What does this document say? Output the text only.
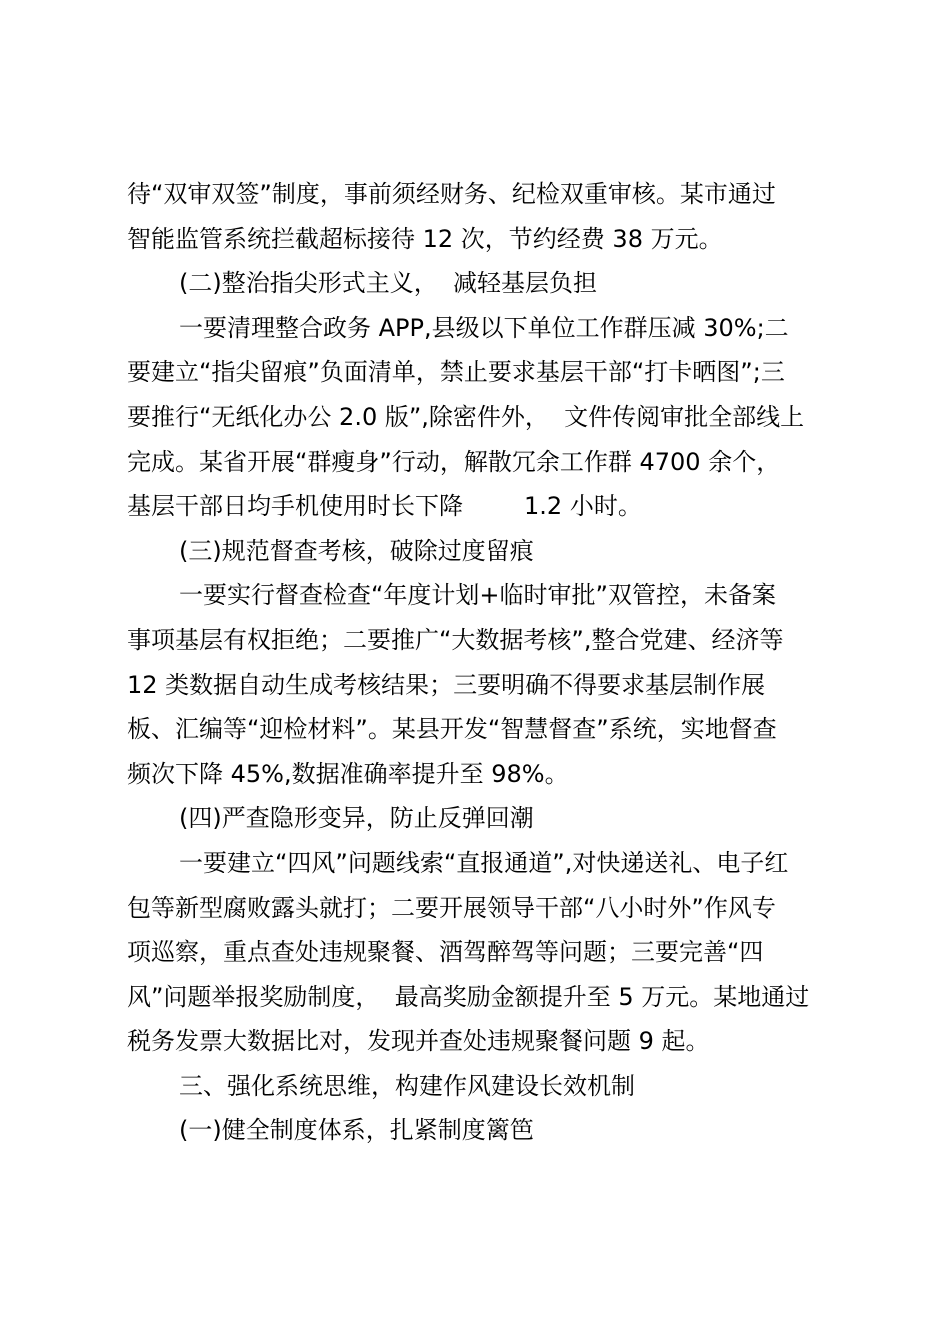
待“双审双签”制度，事前须经财务、纪检双重审核。某市通过
智能监管系统拦截超标接待 12 次，节约经费 38 万元。
(二)整治指尖形式主义，  减轻基层负担
一要清理整合政务 APP,县级以下单位工作群压减 30%;二
要建立“指尖留痕”负面清单，禁止要求基层干部“打卡晒图”;三
要推行“无纸化办公 2.0 版”,除密件外，  文件传阅审批全部线上
完成。某省开展“群瘦身”行动，解散冗余工作群 4700 余个，
基层干部日均手机使用时长下降        1.2 小时。
(三)规范督查考核，破除过度留痕
一要实行督查检查“年度计划+临时审批”双管控，未备案
事项基层有权拒绝；二要推广“大数据考核”,整合党建、经济等
12 类数据自动生成考核结果；三要明确不得要求基层制作展
板、汇编等“迎检材料”。某县开发“智慧督查”系统，实地督查
频次下降 45%,数据准确率提升至 98%。
(四)严查隐形变异，防止反弹回潮
一要建立“四风”问题线索“直报通道”,对快递送礼、电子红
包等新型腐败露头就打；二要开展领导干部“八小时外”作风专
项巡察，重点查处违规聚餐、酒驾醉驾等问题；三要完善“四
风”问题举报奖励制度，  最高奖励金额提升至 5 万元。某地通过
税务发票大数据比对，发现并查处违规聚餐问题 9 起。
三、强化系统思维，构建作风建设长效机制
(一)健全制度体系，扎紧制度篱笆
